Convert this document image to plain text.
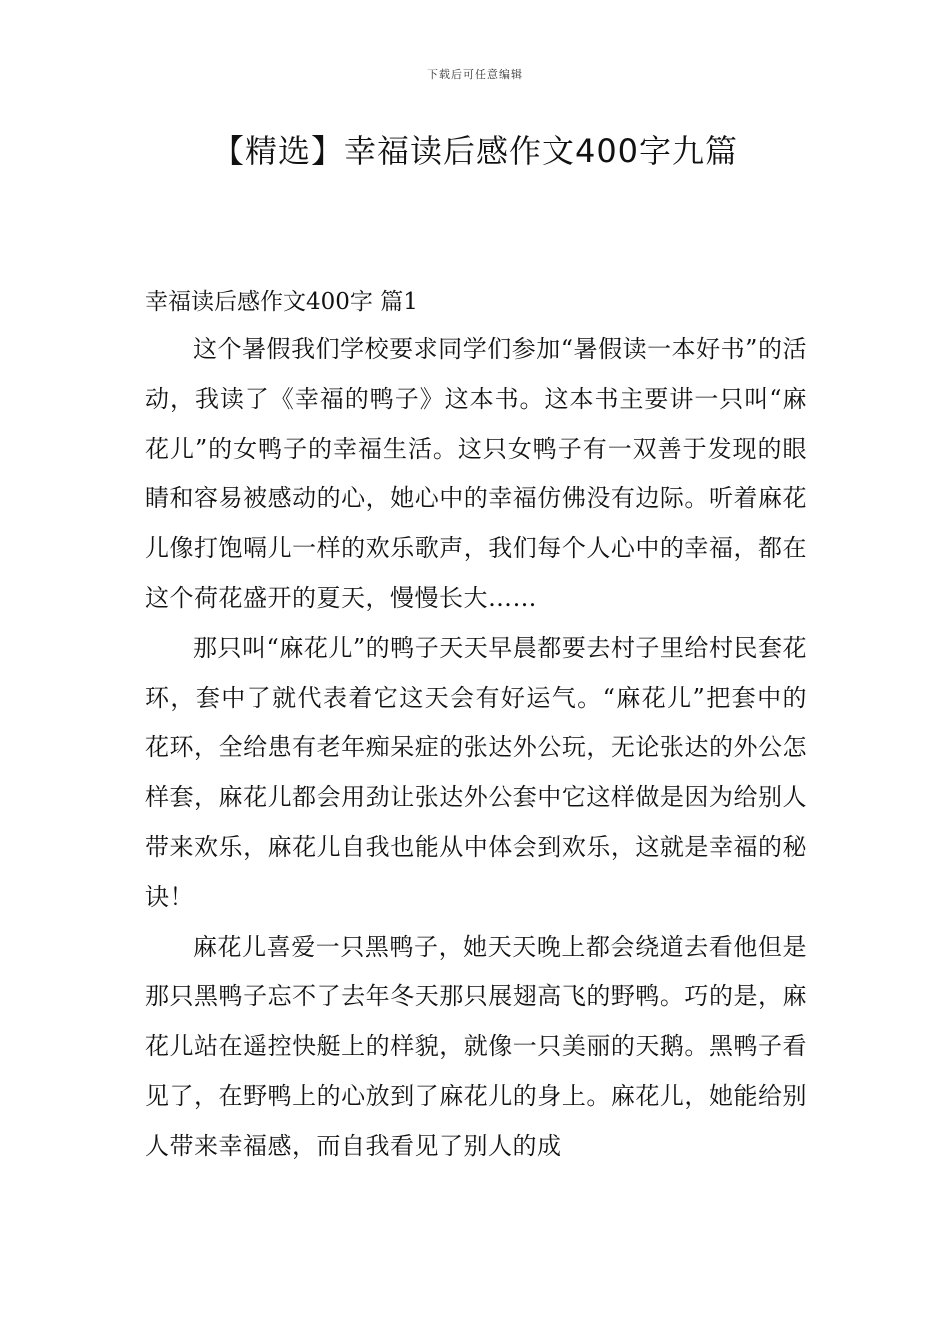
下载后可任意编辑
【精选】幸福读后感作文400字九篇
幸福读后感作文400字 篇1

这个暑假我们学校要求同学们参加“暑假读一本好书”的活动，我读了《幸福的鸭子》这本书。这本书主要讲一只叫“麻花儿”的女鸭子的幸福生活。这只女鸭子有一双善于发现的眼睛和容易被感动的心，她心中的幸福仿佛没有边际。听着麻花儿像打饱嗝儿一样的欢乐歌声，我们每个人心中的幸福，都在这个荷花盛开的夏天，慢慢长大……

那只叫“麻花儿”的鸭子天天早晨都要去村子里给村民套花环，套中了就代表着它这天会有好运气。“麻花儿”把套中的花环，全给患有老年痴呆症的张达外公玩，无论张达的外公怎样套，麻花儿都会用劲让张达外公套中它这样做是因为给别人带来欢乐，麻花儿自我也能从中体会到欢乐，这就是幸福的秘诀！

麻花儿喜爱一只黑鸭子，她天天晚上都会绕道去看他但是那只黑鸭子忘不了去年冬天那只展翅高飞的野鸭。巧的是，麻花儿站在遥控快艇上的样貌，就像一只美丽的天鹅。黑鸭子看见了，在野鸭上的心放到了麻花儿的身上。麻花儿，她能给别人带来幸福感，而自我看见了别人的成
